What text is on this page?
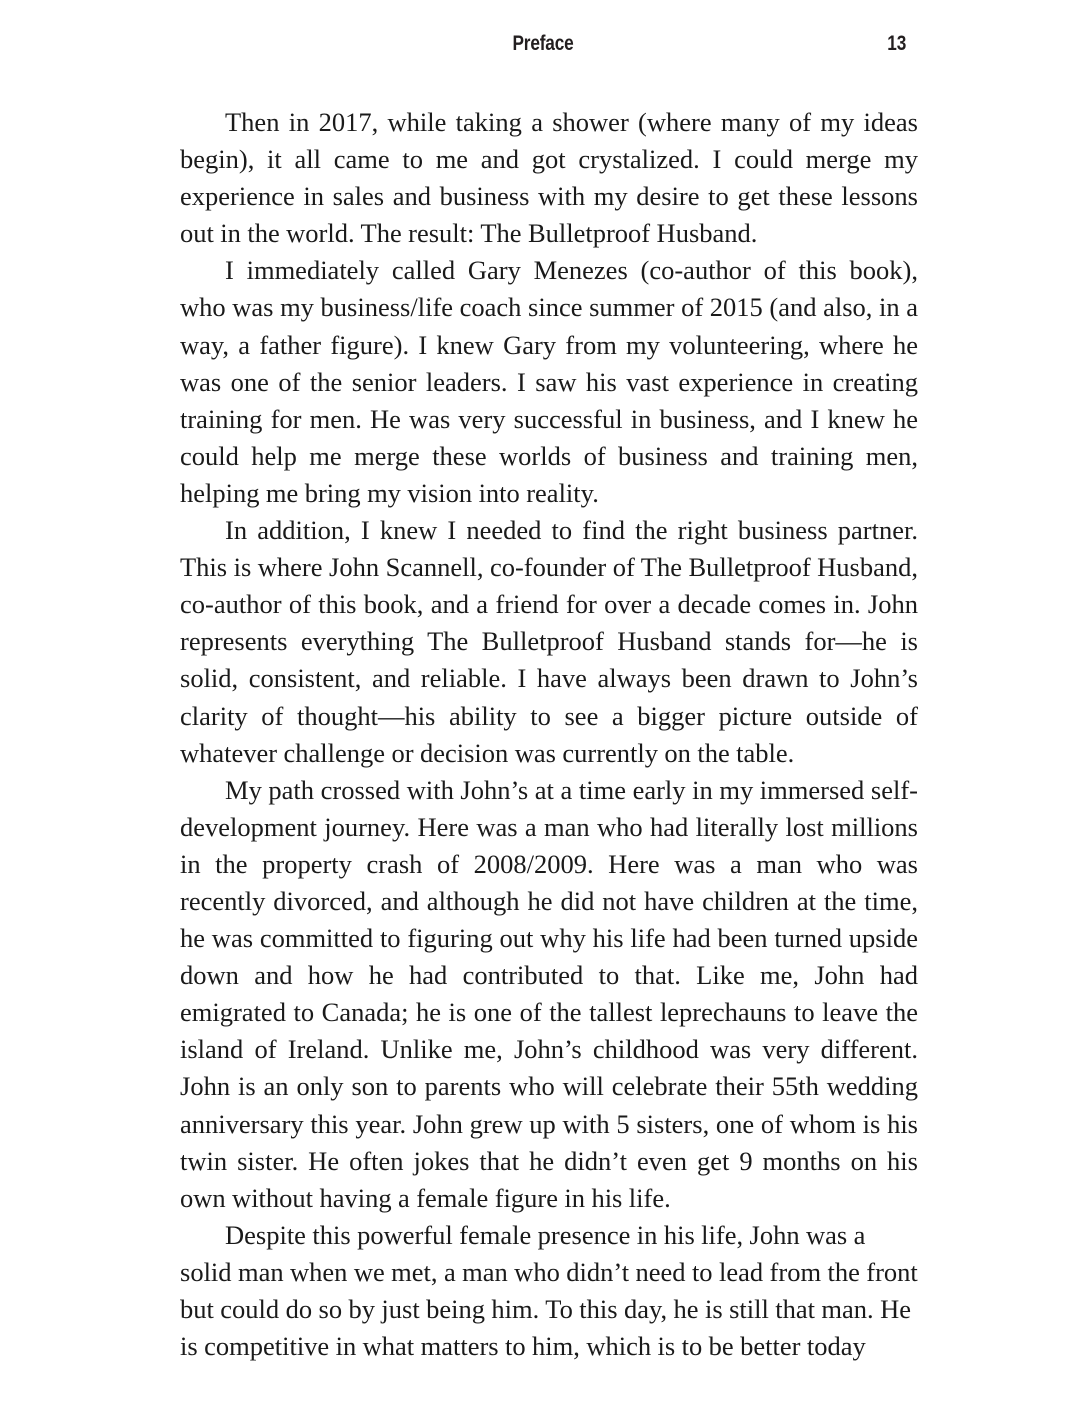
Preface	13

Then in 2017, while taking a shower (where many of my ideas begin), it all came to me and got crystalized. I could merge my experience in sales and business with my desire to get these lessons out in the world. The result: The Bulletproof Husband.

I immediately called Gary Menezes (co-author of this book), who was my business/life coach since summer of 2015 (and also, in a way, a father figure). I knew Gary from my volunteering, where he was one of the senior leaders. I saw his vast experience in creating training for men. He was very successful in business, and I knew he could help me merge these worlds of business and training men, helping me bring my vision into reality.

In addition, I knew I needed to find the right business partner. This is where John Scannell, co-founder of The Bulletproof Husband, co-author of this book, and a friend for over a decade comes in. John represents everything The Bulletproof Husband stands for—he is solid, consistent, and reliable. I have always been drawn to John’s clarity of thought—his ability to see a bigger picture outside of whatever challenge or decision was currently on the table.

My path crossed with John’s at a time early in my immersed self-development journey. Here was a man who had literally lost millions in the property crash of 2008/2009. Here was a man who was recently divorced, and although he did not have children at the time, he was committed to figuring out why his life had been turned upside down and how he had contributed to that. Like me, John had emigrated to Canada; he is one of the tallest leprechauns to leave the island of Ireland. Unlike me, John’s childhood was very different. John is an only son to parents who will celebrate their 55th wedding anniversary this year. John grew up with 5 sisters, one of whom is his twin sister. He often jokes that he didn’t even get 9 months on his own without having a female figure in his life.

Despite this powerful female presence in his life, John was a solid man when we met, a man who didn’t need to lead from the front but could do so by just being him. To this day, he is still that man. He is competitive in what matters to him, which is to be better today
